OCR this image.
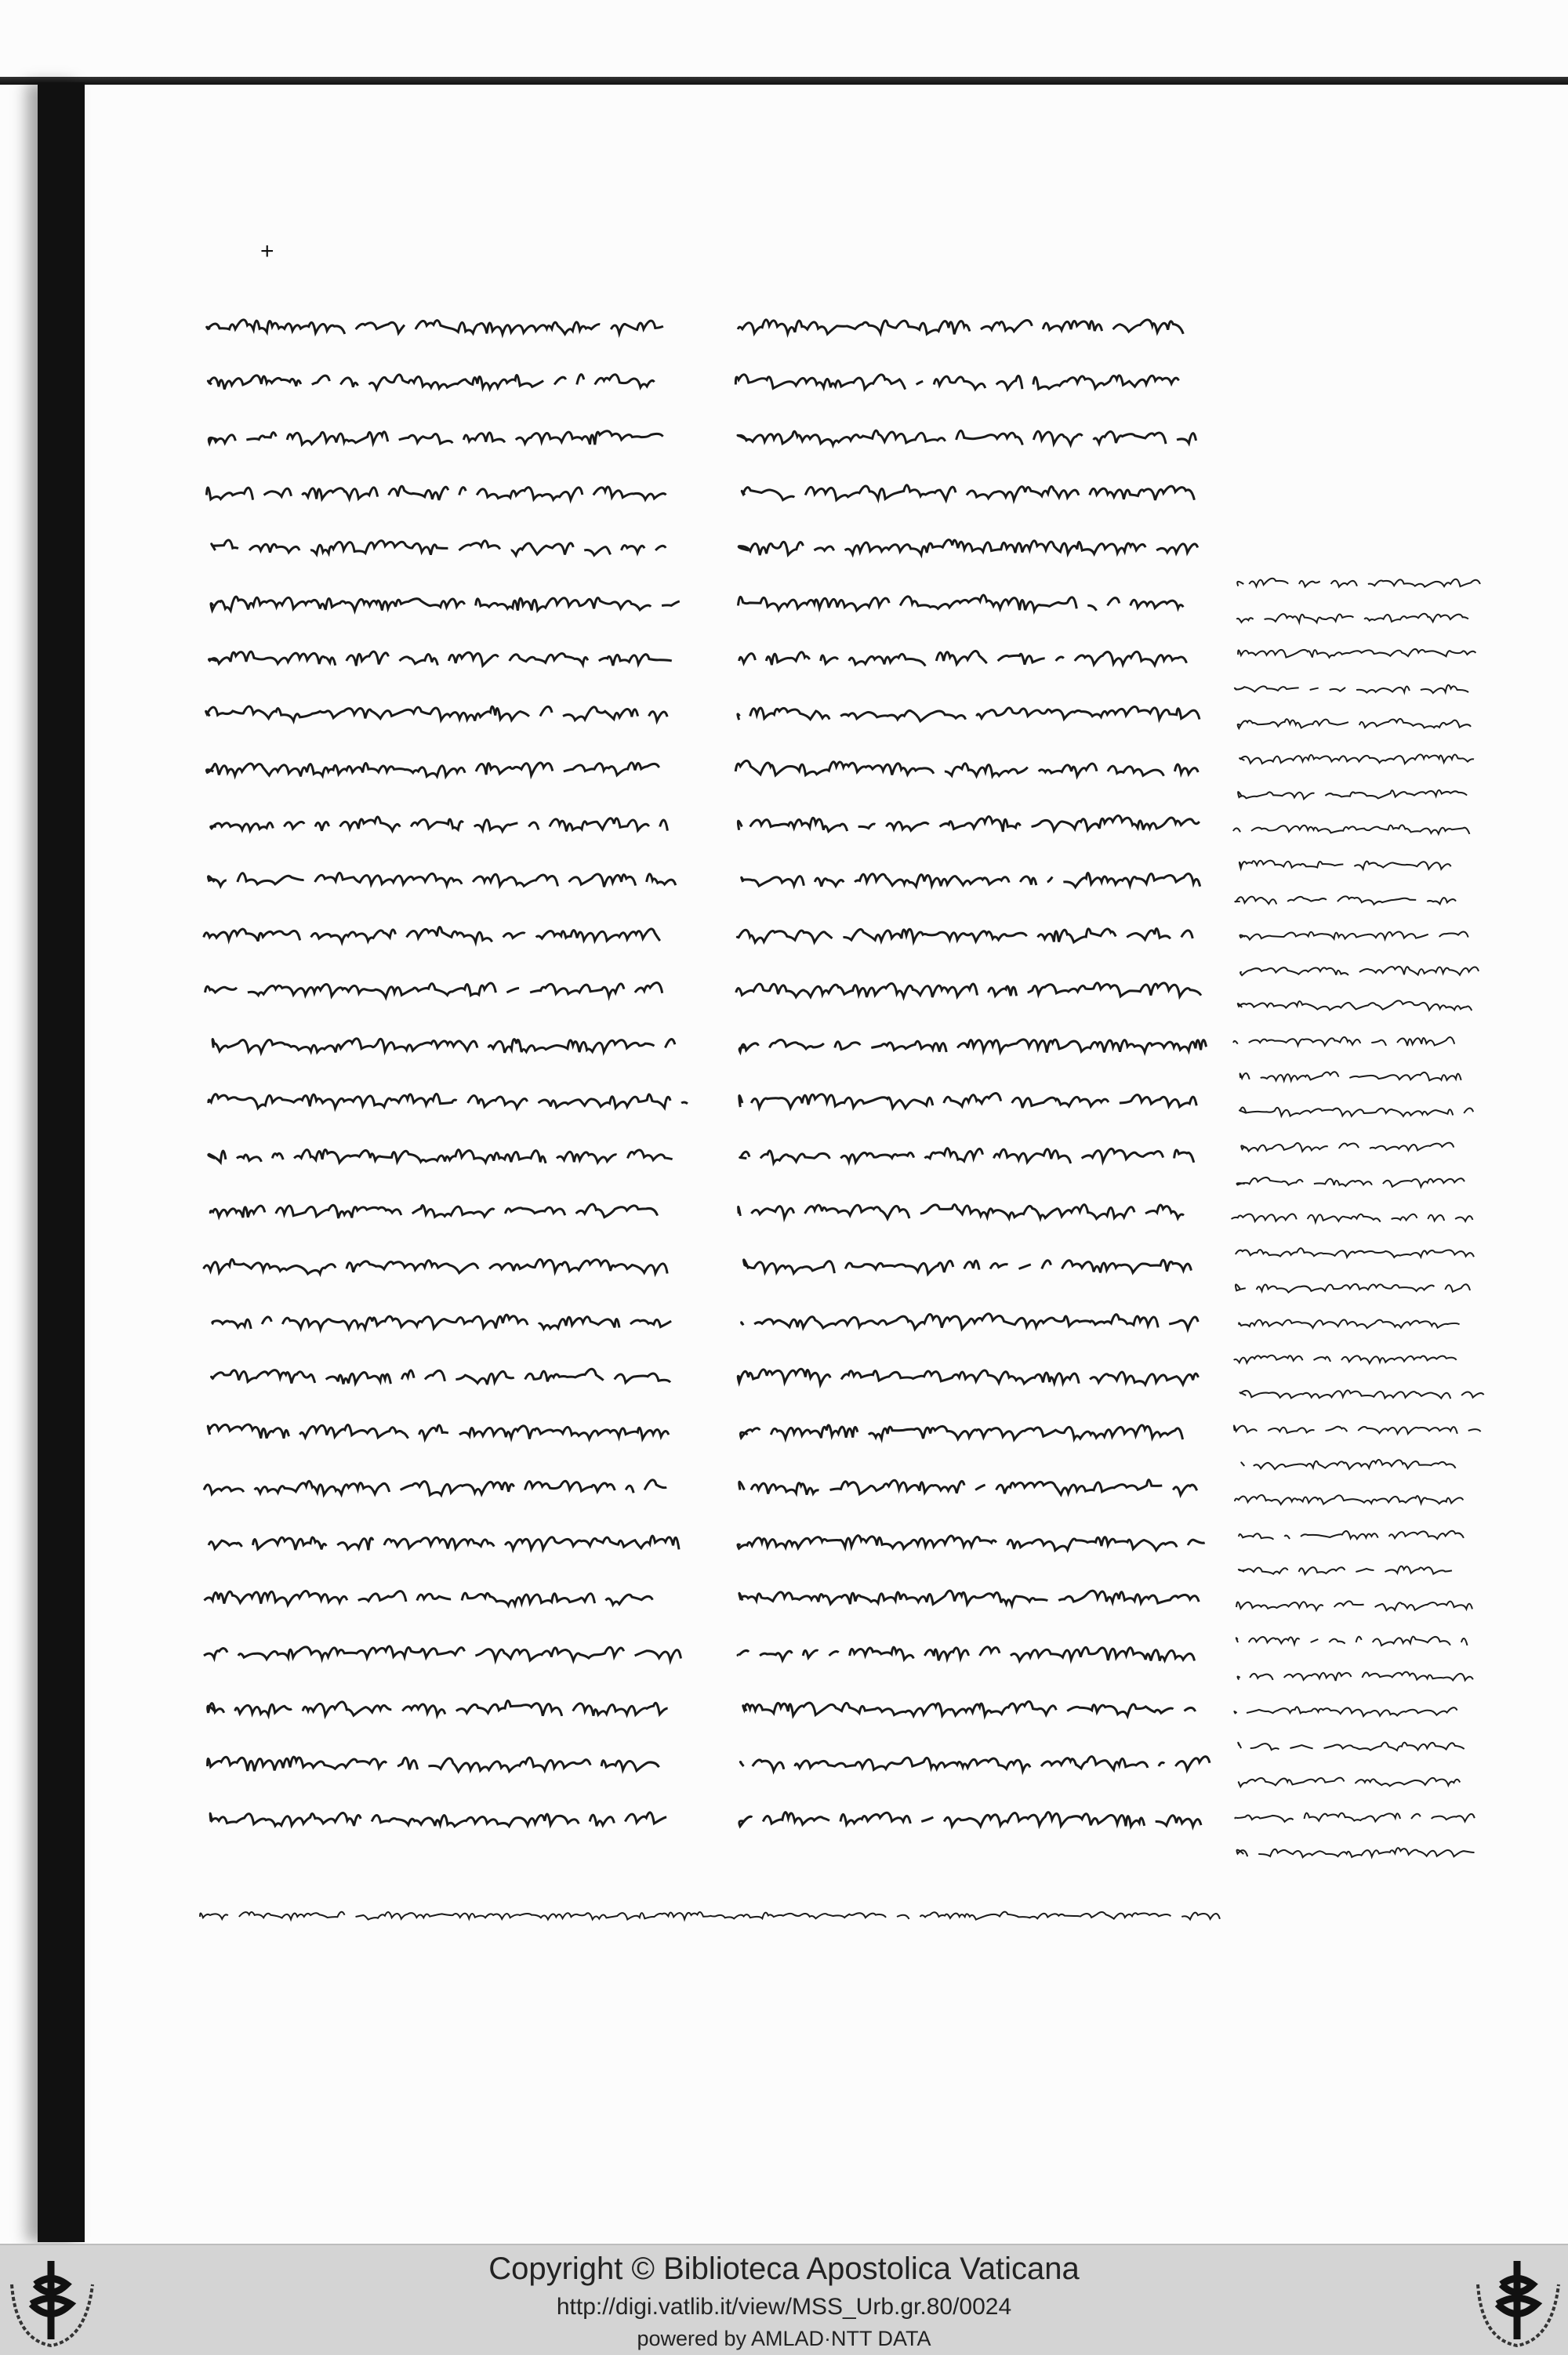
+
Copyright © Biblioteca Apostolica Vaticana
http://digi.vatlib.it/view/MSS_Urb.gr.80/0024
powered by AMLAD·NTT DATA
